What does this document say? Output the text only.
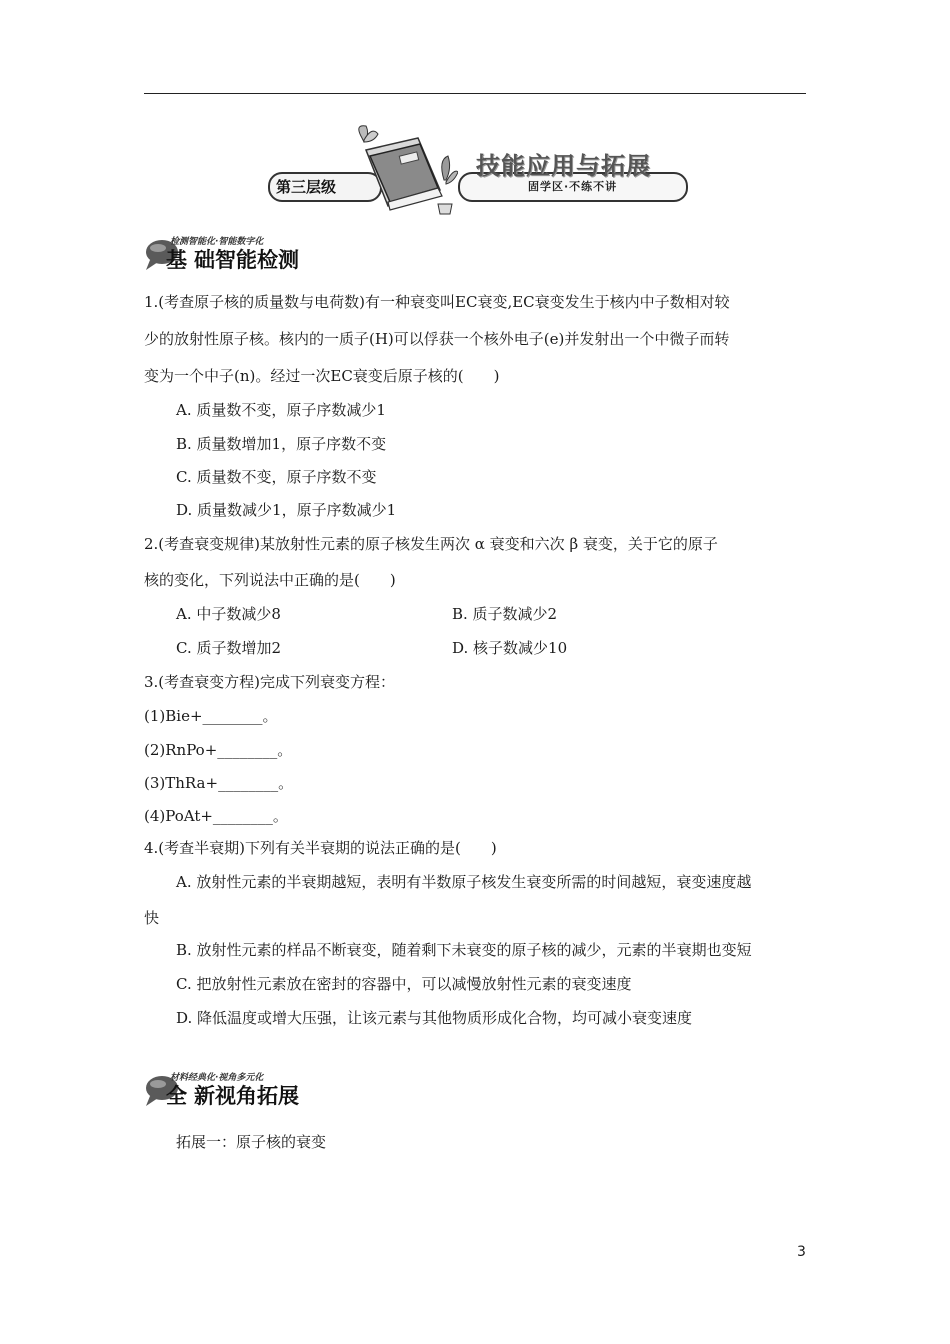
第三层级
技能应用与拓展
固学区·不练不讲
检测智能化·智能数字化
基 础智能检测
1.(考查原子核的质量数与电荷数)有一种衰变叫EC衰变,EC衰变发生于核内中子数相对较
少的放射性原子核。核内的一质子(H)可以俘获一个核外电子(e)并发射出一个中微子而转
变为一个中子(n)。经过一次EC衰变后原子核的(　　)
A. 质量数不变，原子序数减少1
B. 质量数增加1，原子序数不变
C. 质量数不变，原子序数不变
D. 质量数减少1，原子序数减少1
2.(考查衰变规律)某放射性元素的原子核发生两次 α 衰变和六次 β 衰变，关于它的原子
核的变化，下列说法中正确的是(　　)
A. 中子数减少8	B. 质子数减少2
C. 质子数增加2	D. 核子数减少10
3.(考查衰变方程)完成下列衰变方程：
(1)Bie+________。
(2)RnPo+________。
(3)ThRa+________。
(4)PoAt+________。
4.(考查半衰期)下列有关半衰期的说法正确的是(　　)
A. 放射性元素的半衰期越短，表明有半数原子核发生衰变所需的时间越短，衰变速度越
快
B. 放射性元素的样品不断衰变，随着剩下未衰变的原子核的减少，元素的半衰期也变短
C. 把放射性元素放在密封的容器中，可以减慢放射性元素的衰变速度
D. 降低温度或增大压强，让该元素与其他物质形成化合物，均可减小衰变速度
材料经典化·视角多元化
全 新视角拓展
拓展一：原子核的衰变
3
